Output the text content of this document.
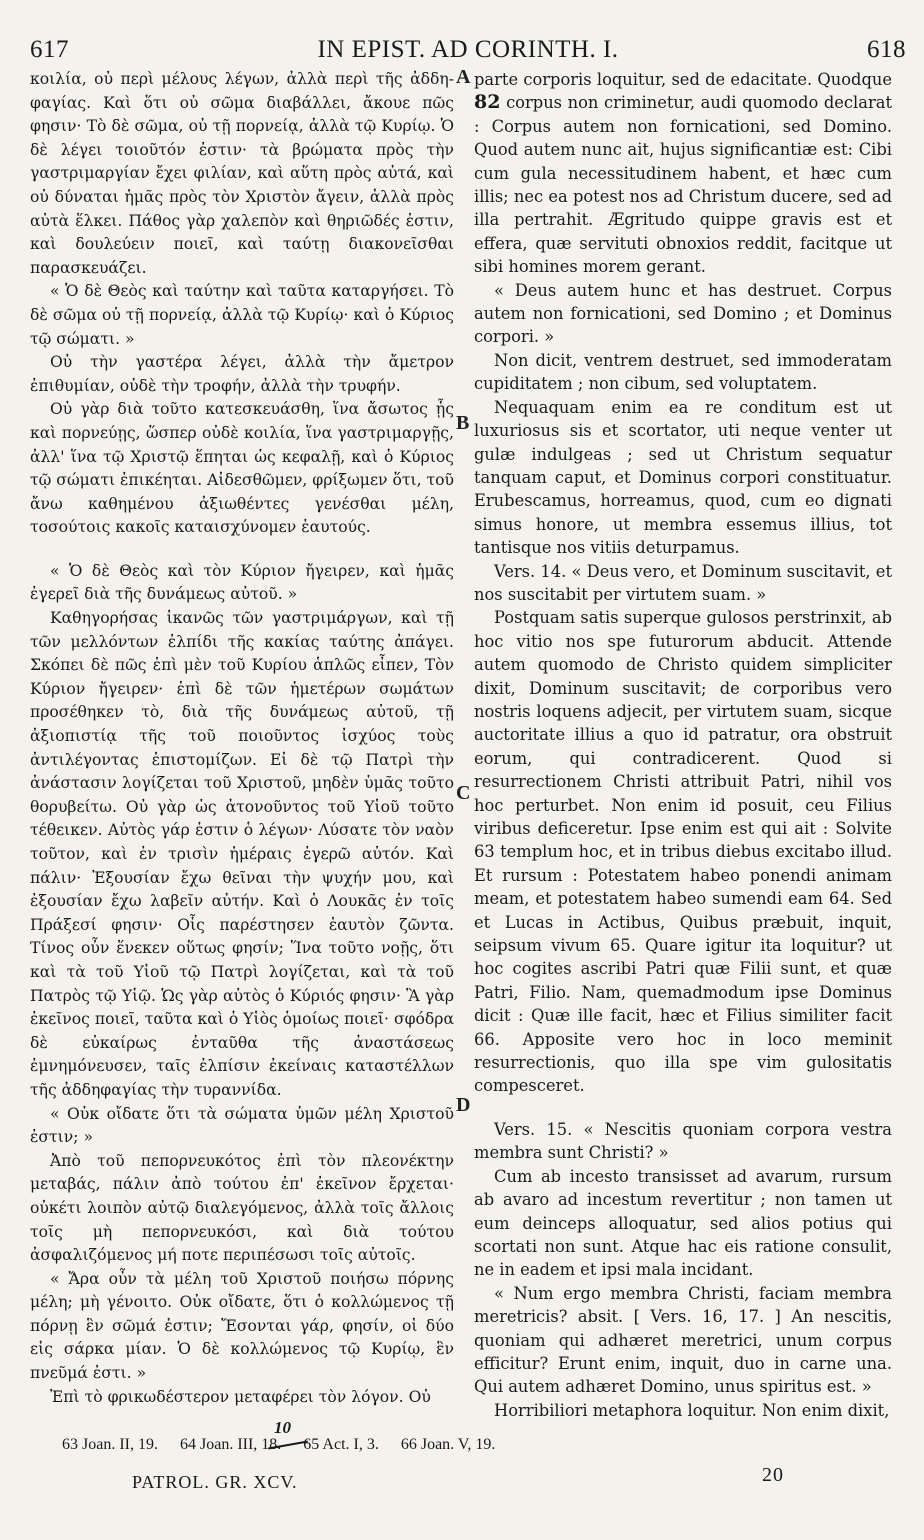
617	IN EPIST. AD CORINTH. I.	618
A
B
C
D

κοιλία, οὐ περὶ μέλους λέγων, ἀλλὰ περὶ τῆς ἀδδη-φαγίας. Καὶ ὅτι οὐ σῶμα διαβάλλει, ἄκουε πῶς φησιν· Τὸ δὲ σῶμα, οὐ τῇ πορνείᾳ, ἀλλὰ τῷ Κυρίῳ. Ὁ δὲ λέγει τοιοῦτόν ἐστιν· τὰ βρώματα πρὸς τὴν γαστριμαργίαν ἔχει φιλίαν, καὶ αὕτη πρὸς αὐτά, καὶ οὐ δύναται ἡμᾶς πρὸς τὸν Χριστὸν ἄγειν, ἀλλὰ πρὸς αὐτὰ ἕλκει. Πάθος γὰρ χαλεπὸν καὶ θηριῶδές ἐστιν, καὶ δουλεύειν ποιεῖ, καὶ ταύτῃ διακονεῖσθαι παρασκευάζει.

« Ὁ δὲ Θεὸς καὶ ταύτην καὶ ταῦτα καταργήσει. Τὸ δὲ σῶμα οὐ τῇ πορνείᾳ, ἀλλὰ τῷ Κυρίῳ· καὶ ὁ Κύριος τῷ σώματι. »

Οὐ τὴν γαστέρα λέγει, ἀλλὰ τὴν ἄμετρον ἐπιθυμίαν, οὐδὲ τὴν τροφήν, ἀλλὰ τὴν τρυφήν.

Οὐ γὰρ διὰ τοῦτο κατεσκευάσθη, ἵνα ἄσωτος ᾖς καὶ πορνεύῃς, ὥσπερ οὐδὲ κοιλία, ἵνα γαστριμαργῇς, ἀλλ' ἵνα τῷ Χριστῷ ἕπηται ὡς κεφαλῇ, καὶ ὁ Κύριος τῷ σώματι ἐπικέηται. Αἰδεσθῶμεν, φρίξωμεν ὅτι, τοῦ ἄνω καθημένου ἀξιωθέντες γενέσθαι μέλη, τοσούτοις κακοῖς καταισχύνομεν ἑαυτούς.

« Ὁ δὲ Θεὸς καὶ τὸν Κύριον ἤγειρεν, καὶ ἡμᾶς ἐγερεῖ διὰ τῆς δυνάμεως αὐτοῦ. »

Καθηγορήσας ἱκανῶς τῶν γαστριμάργων, καὶ τῇ τῶν μελλόντων ἐλπίδι τῆς κακίας ταύτης ἀπάγει. Σκόπει δὲ πῶς ἐπὶ μὲν τοῦ Κυρίου ἁπλῶς εἶπεν, Τὸν Κύριον ἤγειρεν· ἐπὶ δὲ τῶν ἡμετέρων σωμάτων προσέθηκεν τὸ, διὰ τῆς δυνάμεως αὐτοῦ, τῇ ἀξιοπιστίᾳ τῆς τοῦ ποιοῦντος ἰσχύος τοὺς ἀντιλέγοντας ἐπιστομίζων. Εἰ δὲ τῷ Πατρὶ τὴν ἀνάστασιν λογίζεται τοῦ Χριστοῦ, μηδὲν ὑμᾶς τοῦτο θορυβείτω. Οὐ γὰρ ὡς ἀτονοῦντος τοῦ Υἱοῦ τοῦτο τέθεικεν. Αὐτὸς γάρ ἐστιν ὁ λέγων· Λύσατε τὸν ναὸν τοῦτον, καὶ ἐν τρισὶν ἡμέραις ἐγερῶ αὐτόν. Καὶ πάλιν· Ἐξουσίαν ἔχω θεῖναι τὴν ψυχήν μου, καὶ ἐξουσίαν ἔχω λαβεῖν αὐτήν. Καὶ ὁ Λουκᾶς ἐν τοῖς Πράξεσί φησιν· Οἷς παρέστησεν ἑαυτὸν ζῶντα. Τίνος οὖν ἕνεκεν οὕτως φησίν; Ἵνα τοῦτο νοῇς, ὅτι καὶ τὰ τοῦ Υἱοῦ τῷ Πατρὶ λογίζεται, καὶ τὰ τοῦ Πατρὸς τῷ Υἱῷ. Ὡς γὰρ αὐτὸς ὁ Κύριός φησιν· Ἃ γὰρ ἐκεῖνος ποιεῖ, ταῦτα καὶ ὁ Υἱὸς ὁμοίως ποιεῖ· σφόδρα δὲ εὐκαίρως ἐνταῦθα τῆς ἀναστάσεως ἐμνημόνευσεν, ταῖς ἐλπίσιν ἐκείναις καταστέλλων τῆς ἀδδηφαγίας τὴν τυραννίδα.

« Οὐκ οἴδατε ὅτι τὰ σώματα ὑμῶν μέλη Χριστοῦ ἐστιν; »

Ἀπὸ τοῦ πεπορνευκότος ἐπὶ τὸν πλεονέκτην μεταβάς, πάλιν ἀπὸ τούτου ἐπ' ἐκεῖνον ἔρχεται· οὐκέτι λοιπὸν αὐτῷ διαλεγόμενος, ἀλλὰ τοῖς ἄλλοις τοῖς μὴ πεπορνευκόσι, καὶ διὰ τούτου ἀσφαλιζόμενος μή ποτε περιπέσωσι τοῖς αὐτοῖς.

« Ἄρα οὖν τὰ μέλη τοῦ Χριστοῦ ποιήσω πόρνης μέλη; μὴ γένοιτο. Οὐκ οἴδατε, ὅτι ὁ κολλώμενος τῇ πόρνῃ ἓν σῶμά ἐστιν; Ἔσονται γάρ, φησίν, οἱ δύο εἰς σάρκα μίαν. Ὁ δὲ κολλώμενος τῷ Κυρίῳ, ἓν πνεῦμά ἐστι. »

Ἐπὶ τὸ φρικωδέστερον μεταφέρει τὸν λόγον. Οὐ

parte corporis loquitur, sed de edacitate. Quodque 82 corpus non criminetur, audi quomodo declarat : Corpus autem non fornicationi, sed Domino. Quod autem nunc ait, hujus significantiæ est: Cibi cum gula necessitudinem habent, et hæc cum illis; nec ea potest nos ad Christum ducere, sed ad illa pertrahit. Ægritudo quippe gravis est et effera, quæ servituti obnoxios reddit, facitque ut sibi homines morem gerant.

« Deus autem hunc et has destruet. Corpus autem non fornicationi, sed Domino ; et Dominus corpori. »

Non dicit, ventrem destruet, sed immoderatam cupiditatem ; non cibum, sed voluptatem.

Nequaquam enim ea re conditum est ut luxuriosus sis et scortator, uti neque venter ut gulæ indulgeas ; sed ut Christum sequatur tanquam caput, et Dominus corpori constituatur. Erubescamus, horreamus, quod, cum eo dignati simus honore, ut membra essemus illius, tot tantisque nos vitiis deturpamus.

Vers. 14. « Deus vero, et Dominum suscitavit, et nos suscitabit per virtutem suam. »

Postquam satis superque gulosos perstrinxit, ab hoc vitio nos spe futurorum abducit. Attende autem quomodo de Christo quidem simpliciter dixit, Dominum suscitavit; de corporibus vero nostris loquens adjecit, per virtutem suam, sicque auctoritate illius a quo id patratur, ora obstruit eorum, qui contradicerent. Quod si resurrectionem Christi attribuit Patri, nihil vos hoc perturbet. Non enim id posuit, ceu Filius viribus deficeretur. Ipse enim est qui ait : Solvite 63 templum hoc, et in tribus diebus excitabo illud. Et rursum : Potestatem habeo ponendi animam meam, et potestatem habeo sumendi eam 64. Sed et Lucas in Actibus, Quibus præbuit, inquit, seipsum vivum 65. Quare igitur ita loquitur? ut hoc cogites ascribi Patri quæ Filii sunt, et quæ Patri, Filio. Nam, quemadmodum ipse Dominus dicit : Quæ ille facit, hæc et Filius similiter facit 66. Apposite vero hoc in loco meminit resurrectionis, quo illa spe vim gulositatis compesceret.

Vers. 15. « Nescitis quoniam corpora vestra membra sunt Christi? »

Cum ab incesto transisset ad avarum, rursum ab avaro ad incestum revertitur ; non tamen ut eum deinceps alloquatur, sed alios potius qui scortati non sunt. Atque hac eis ratione consulit, ne in eadem et ipsi mala incidant.

« Num ergo membra Christi, faciam membra meretricis? absit. [ Vers. 16, 17. ] An nescitis, quoniam qui adhæret meretrici, unum corpus efficitur? Erunt enim, inquit, duo in carne una. Qui autem adhæret Domino, unus spiritus est. »

Horribiliori metaphora loquitur. Non enim dixit,

10
63 Joan. II, 19. 64 Joan. III, 18. 65 Act. I, 3. 66 Joan. V, 19.
PATROL. GR. XCV.	20
